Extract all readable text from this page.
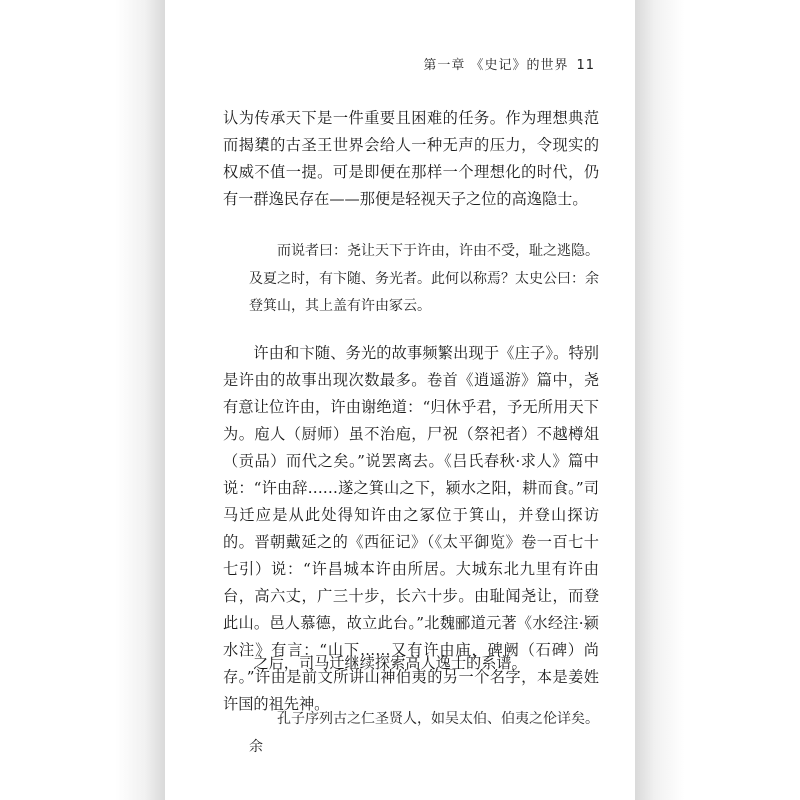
第一章 《史记》的世界 11

认为传承天下是一件重要且困难的任务。作为理想典范而揭橥的古圣王世界会给人一种无声的压力，令现实的权威不值一提。可是即便在那样一个理想化的时代，仍有一群逸民存在——那便是轻视天子之位的高逸隐士。

而说者曰：尧让天下于许由，许由不受，耻之逃隐。及夏之时，有卞随、务光者。此何以称焉？太史公曰：余登箕山，其上盖有许由冢云。

许由和卞随、务光的故事频繁出现于《庄子》。特别是许由的故事出现次数最多。卷首《逍遥游》篇中，尧有意让位许由，许由谢绝道：“归休乎君，予无所用天下为。庖人（厨师）虽不治庖，尸祝（祭祀者）不越樽俎（贡品）而代之矣。”说罢离去。《吕氏春秋·求人》篇中说：“许由辞……遂之箕山之下，颍水之阳，耕而食。”司马迁应是从此处得知许由之冢位于箕山，并登山探访的。晋朝戴延之的《西征记》（《太平御览》卷一百七十七引）说：“许昌城本许由所居。大城东北九里有许由台，高六丈，广三十步，长六十步。由耻闻尧让，而登此山。邑人慕德，故立此台。”北魏郦道元著《水经注·颍水注》有言：“山下……又有许由庙，碑阙（石碑）尚存。”许由是前文所讲山神伯夷的另一个名字，本是姜姓许国的祖先神。

之后，司马迁继续探索高人逸士的系谱。

孔子序列古之仁圣贤人，如吴太伯、伯夷之伦详矣。余
